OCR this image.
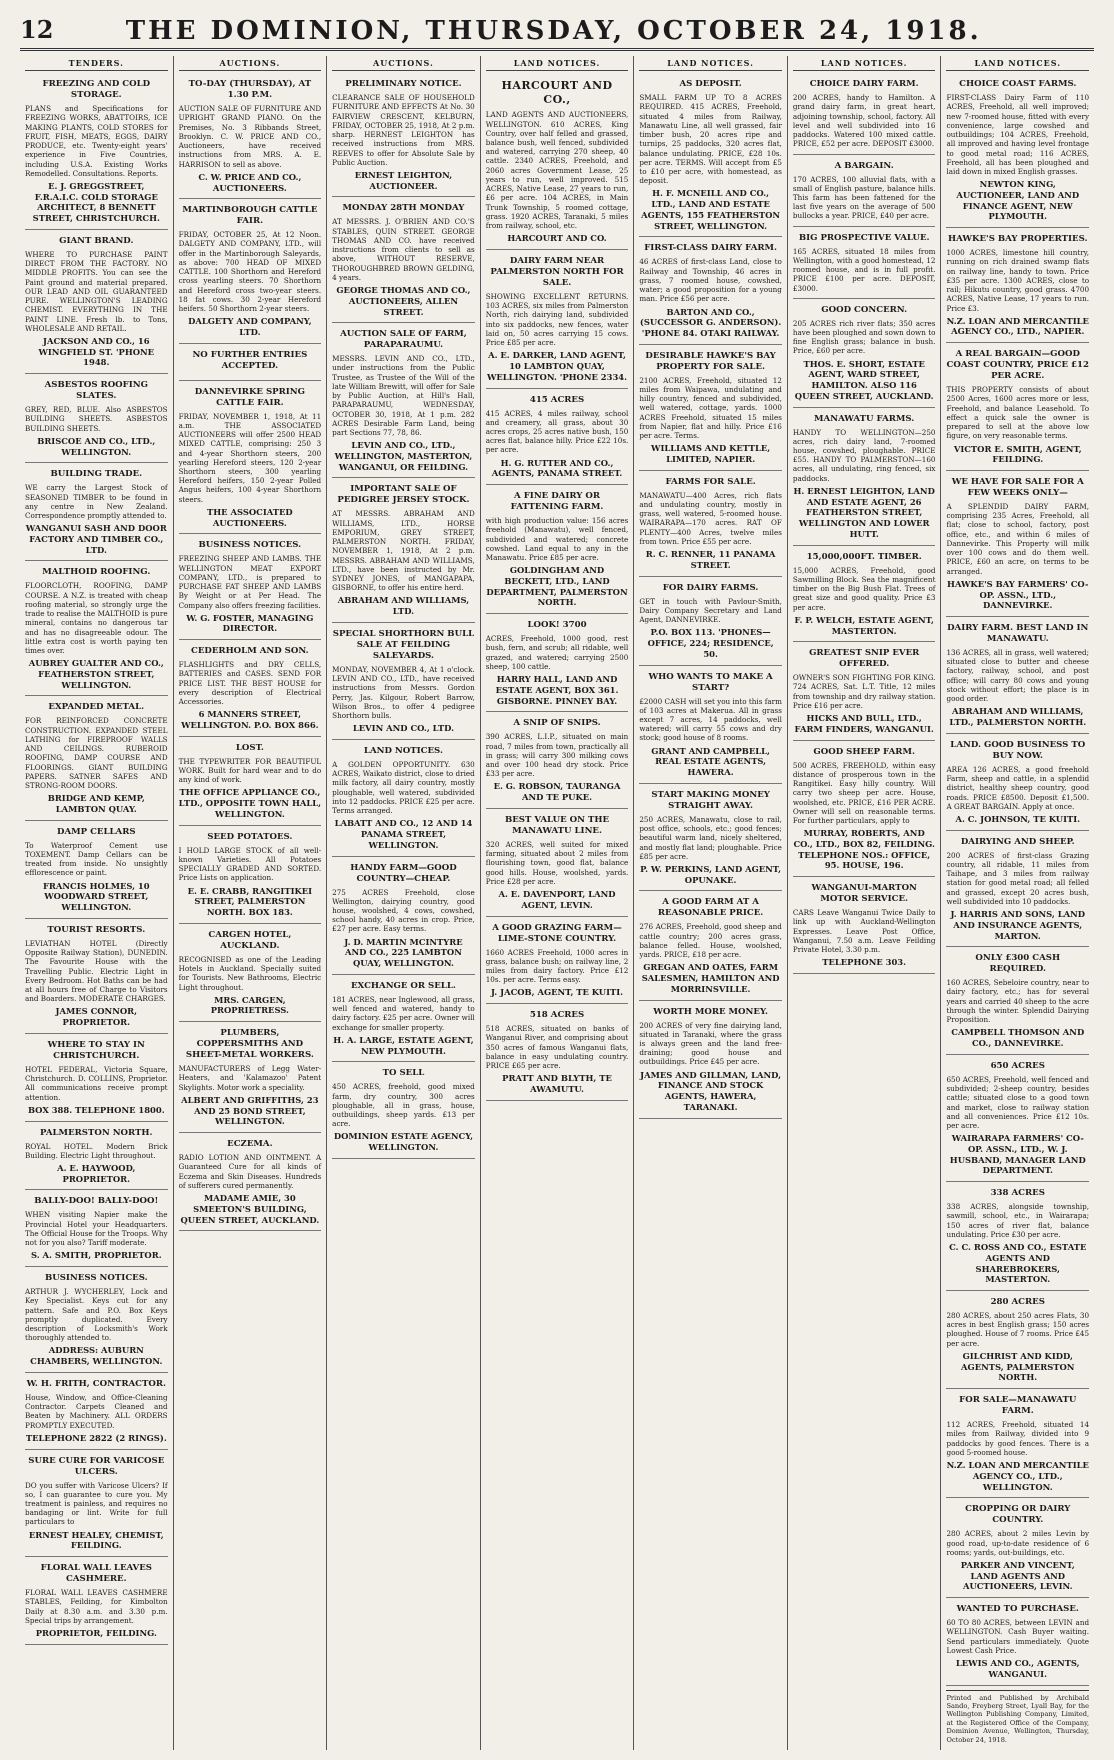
12	THE DOMINION, THURSDAY, OCTOBER 24, 1918.
TENDERS.
FREEZING AND COLD STORAGE.
PLANS and Specifications for FREEZING WORKS, ABATTOIRS, ICE MAKING PLANTS, COLD STORES for FRUIT, FISH, MEATS, EGGS, DAIRY PRODUCE, etc. Twenty-eight years' experience in Five Countries, including U.S.A. Existing Works Remodelled. Consultations. Reports.
E. J. GREGGSTREET, F.R.A.I.C. COLD STORAGE ARCHITECT, 8 BENNETT STREET, CHRISTCHURCH.
GIANT BRAND.
WHERE TO PURCHASE PAINT DIRECT FROM THE FACTORY. NO MIDDLE PROFITS. You can see the Paint ground and material prepared. OUR LEAD AND OIL GUARANTEED PURE. WELLINGTON'S LEADING CHEMIST. EVERYTHING IN THE PAINT LINE. Fresh lb. to Tons, WHOLESALE AND RETAIL.
JACKSON AND CO., 16 WINGFIELD ST. 'PHONE 1948.
ASBESTOS ROOFING SLATES.
GREY, RED, BLUE. Also ASBESTOS BUILDING SHEETS. ASBESTOS BUILDING SHEETS.
BRISCOE AND CO., LTD., WELLINGTON.
BUILDING TRADE.
WE carry the Largest Stock of SEASONED TIMBER to be found in any centre in New Zealand. Correspondence promptly attended to.
WANGANUI SASH AND DOOR FACTORY AND TIMBER CO., LTD.
MALTHOID ROOFING.
FLOORCLOTH, ROOFING, DAMP COURSE. A N.Z. is treated with cheap roofing material, so strongly urge the trade to realise the MALTHOID is pure mineral, contains no dangerous tar and has no disagreeable odour. The little extra cost is worth paying ten times over.
AUBREY GUALTER AND CO., FEATHERSTON STREET, WELLINGTON.
EXPANDED METAL.
FOR REINFORCED CONCRETE CONSTRUCTION. EXPANDED STEEL LATHING for FIREPROOF WALLS AND CEILINGS. RUBEROID ROOFING, DAMP COURSE AND FLOORINGS. GIANT BUILDING PAPERS. SATNER SAFES AND STRONG-ROOM DOORS.
BRIDGE AND KEMP, LAMBTON QUAY.
DAMP CELLARS
To Waterproof Cement use TOXEMENT. Damp Cellars can be treated from inside. No unsightly efflorescence or paint.
FRANCIS HOLMES, 10 WOODWARD STREET, WELLINGTON.
TOURIST RESORTS.
LEVIATHAN HOTEL (Directly Opposite Railway Station), DUNEDIN. The Favourite House with the Travelling Public. Electric Light in Every Bedroom. Hot Baths can be had at all hours free of Charge to Visitors and Boarders. MODERATE CHARGES.
JAMES CONNOR, PROPRIETOR.
WHERE TO STAY IN CHRISTCHURCH.
HOTEL FEDERAL, Victoria Square, Christchurch. D. COLLINS, Proprietor. All communications receive prompt attention.
BOX 388. TELEPHONE 1800.
PALMERSTON NORTH.
ROYAL HOTEL. Modern Brick Building. Electric Light throughout.
A. E. HAYWOOD, PROPRIETOR.
BALLY-DOO! BALLY-DOO!
WHEN visiting Napier make the Provincial Hotel your Headquarters. The Official House for the Troops. Why not for you also? Tariff moderate.
S. A. SMITH, PROPRIETOR.
BUSINESS NOTICES.
ARTHUR J. WYCHERLEY, Lock and Key Specialist. Keys cut for any pattern. Safe and P.O. Box Keys promptly duplicated. Every description of Locksmith's Work thoroughly attended to.
ADDRESS: AUBURN CHAMBERS, WELLINGTON.
W. H. FRITH, CONTRACTOR.
House, Window, and Office-Cleaning Contractor. Carpets Cleaned and Beaten by Machinery. ALL ORDERS PROMPTLY EXECUTED.
TELEPHONE 2822 (2 RINGS).
SURE CURE FOR VARICOSE ULCERS.
DO you suffer with Varicose Ulcers? If so, I can guarantee to cure you. My treatment is painless, and requires no bandaging or lint. Write for full particulars to
ERNEST HEALEY, CHEMIST, FEILDING.
FLORAL WALL LEAVES CASHMERE.
FLORAL WALL LEAVES CASHMERE STABLES, Feilding, for Kimbolton Daily at 8.30 a.m. and 3.30 p.m. Special trips by arrangement.
PROPRIETOR, FEILDING.
AUCTIONS.
TO-DAY (THURSDAY), AT 1.30 P.M.
AUCTION SALE OF FURNITURE AND UPRIGHT GRAND PIANO. On the Premises, No. 3 Ribbands Street, Brooklyn. C. W. PRICE AND CO., Auctioneers, have received instructions from MRS. A. E. HARRISON to sell as above.
C. W. PRICE AND CO., AUCTIONEERS.
MARTINBOROUGH CATTLE FAIR.
FRIDAY, OCTOBER 25, At 12 Noon. DALGETY AND COMPANY, LTD., will offer in the Martinborough Saleyards, as above: 700 HEAD OF MIXED CATTLE. 100 Shorthorn and Hereford cross yearling steers. 70 Shorthorn and Hereford cross two-year steers. 18 fat cows. 30 2-year Hereford heifers. 50 Shorthorn 2-year steers.
DALGETY AND COMPANY, LTD.
NO FURTHER ENTRIES ACCEPTED.
DANNEVIRKE SPRING CATTLE FAIR.
FRIDAY, NOVEMBER 1, 1918, At 11 a.m. THE ASSOCIATED AUCTIONEERS will offer 2500 HEAD MIXED CATTLE, comprising: 250 3 and 4-year Shorthorn steers, 200 yearling Hereford steers, 120 2-year Shorthorn steers, 300 yearling Hereford heifers, 150 2-year Polled Angus heifers, 100 4-year Shorthorn steers.
THE ASSOCIATED AUCTIONEERS.
BUSINESS NOTICES.
FREEZING SHEEP AND LAMBS. THE WELLINGTON MEAT EXPORT COMPANY, LTD., is prepared to PURCHASE FAT SHEEP AND LAMBS By Weight or at Per Head. The Company also offers freezing facilities.
W. G. FOSTER, MANAGING DIRECTOR.
CEDERHOLM AND SON.
FLASHLIGHTS and DRY CELLS, BATTERIES and CASES. SEND FOR PRICE LIST. THE BEST HOUSE for every description of Electrical Accessories.
6 MANNERS STREET, WELLINGTON. P.O. BOX 866.
LOST.
THE TYPEWRITER FOR BEAUTIFUL WORK. Built for hard wear and to do any kind of work.
THE OFFICE APPLIANCE CO., LTD., OPPOSITE TOWN HALL, WELLINGTON.
SEED POTATOES.
I HOLD LARGE STOCK of all well-known Varieties. All Potatoes SPECIALLY GRADED AND SORTED. Price Lists on application.
E. E. CRABB, RANGITIKEI STREET, PALMERSTON NORTH. BOX 183.
CARGEN HOTEL, AUCKLAND.
RECOGNISED as one of the Leading Hotels in Auckland. Specially suited for Tourists. New Bathrooms, Electric Light throughout.
MRS. CARGEN, PROPRIETRESS.
PLUMBERS, COPPERSMITHS AND SHEET-METAL WORKERS.
MANUFACTURERS of Legg Water-Heaters, and 'Kalamazoo' Patent Skylights. Motor work a speciality.
ALBERT AND GRIFFITHS, 23 AND 25 BOND STREET, WELLINGTON.
ECZEMA.
RADIO LOTION AND OINTMENT. A Guaranteed Cure for all kinds of Eczema and Skin Diseases. Hundreds of sufferers cured permanently.
MADAME AMIE, 30 SMEETON'S BUILDING, QUEEN STREET, AUCKLAND.
AUCTIONS.
PRELIMINARY NOTICE.
CLEARANCE SALE OF HOUSEHOLD FURNITURE AND EFFECTS At No. 30 FAIRVIEW CRESCENT, KELBURN, FRIDAY, OCTOBER 25, 1918, At 2 p.m. sharp. HERNEST LEIGHTON has received instructions from MRS. REEVES to offer for Absolute Sale by Public Auction.
ERNEST LEIGHTON, AUCTIONEER.
MONDAY 28TH MONDAY
AT MESSRS. J. O'BRIEN AND CO.'S STABLES, QUIN STREET. GEORGE THOMAS AND CO. have received instructions from clients to sell as above, WITHOUT RESERVE, THOROUGHBRED BROWN GELDING, 4 years.
GEORGE THOMAS AND CO., AUCTIONEERS, ALLEN STREET.
AUCTION SALE OF FARM, PARAPARAUMU.
MESSRS. LEVIN AND CO., LTD., under instructions from the Public Trustee, as Trustee of the Will of the late William Brewitt, will offer for Sale by Public Auction, at Hill's Hall, PARAPARAUMU, WEDNESDAY, OCTOBER 30, 1918, At 1 p.m. 282 ACRES Desirable Farm Land, being part Sections 77, 78, 86.
LEVIN AND CO., LTD., WELLINGTON, MASTERTON, WANGANUI, OR FEILDING.
IMPORTANT SALE OF PEDIGREE JERSEY STOCK.
AT MESSRS. ABRAHAM AND WILLIAMS, LTD., HORSE EMPORIUM, GREY STREET, PALMERSTON NORTH. FRIDAY, NOVEMBER 1, 1918, At 2 p.m. MESSRS. ABRAHAM AND WILLIAMS, LTD., have been instructed by Mr. SYDNEY JONES, of MANGAPAPA, GISBORNE, to offer his entire herd.
ABRAHAM AND WILLIAMS, LTD.
SPECIAL SHORTHORN BULL SALE AT FEILDING SALEYARDS.
MONDAY, NOVEMBER 4, At 1 o'clock. LEVIN AND CO., LTD., have received instructions from Messrs. Gordon Perry, Jas. Kilgour, Robert Barrow, Wilson Bros., to offer 4 pedigree Shorthorn bulls.
LEVIN AND CO., LTD.
LAND NOTICES.
A GOLDEN OPPORTUNITY. 630 ACRES, Waikato district, close to dried milk factory, all dairy country, mostly ploughable, well watered, subdivided into 12 paddocks. PRICE £25 per acre. Terms arranged.
LABATT AND CO., 12 AND 14 PANAMA STREET, WELLINGTON.
HANDY FARM—GOOD COUNTRY—CHEAP.
275 ACRES Freehold, close Wellington, dairying country, good house, woolshed, 4 cows, cowshed, school handy, 40 acres in crop. Price, £27 per acre. Easy terms.
J. D. MARTIN MCINTYRE AND CO., 225 LAMBTON QUAY, WELLINGTON.
EXCHANGE OR SELL.
181 ACRES, near Inglewood, all grass, well fenced and watered, handy to dairy factory. £25 per acre. Owner will exchange for smaller property.
H. A. LARGE, ESTATE AGENT, NEW PLYMOUTH.
TO SELL
450 ACRES, freehold, good mixed farm, dry country, 300 acres ploughable, all in grass, house, outbuildings, sheep yards. £13 per acre.
DOMINION ESTATE AGENCY, WELLINGTON.
LAND NOTICES.
HARCOURT AND CO.,
LAND AGENTS AND AUCTIONEERS, WELLINGTON. 610 ACRES, King Country, over half felled and grassed, balance bush, well fenced, subdivided and watered, carrying 270 sheep, 40 cattle. 2340 ACRES, Freehold, and 2060 acres Government Lease, 25 years to run, well improved. 515 ACRES, Native Lease, 27 years to run, £6 per acre. 104 ACRES, in Main Trunk Township, 5 roomed cottage, grass. 1920 ACRES, Taranaki, 5 miles from railway, school, etc.
HARCOURT AND CO.
DAIRY FARM NEAR PALMERSTON NORTH FOR SALE.
SHOWING EXCELLENT RETURNS. 103 ACRES, six miles from Palmerston North, rich dairying land, subdivided into six paddocks, new fences, water laid on, 50 acres carrying 15 cows. Price £85 per acre.
A. E. DARKER, LAND AGENT, 10 LAMBTON QUAY, WELLINGTON. 'PHONE 2334.
415 ACRES
415 ACRES, 4 miles railway, school and creamery, all grass, about 30 acres crops, 25 acres native bush, 150 acres flat, balance hilly. Price £22 10s. per acre.
H. G. RUTTER AND CO., AGENTS, PANAMA STREET.
A FINE DAIRY OR FATTENING FARM.
with high production value: 156 acres freehold (Manawatu), well fenced, subdivided and watered; concrete cowshed. Land equal to any in the Manawatu. Price £85 per acre.
GOLDINGHAM AND BECKETT, LTD., LAND DEPARTMENT, PALMERSTON NORTH.
LOOK! 3700
ACRES, Freehold, 1000 good, rest bush, fern, and scrub; all ridable, well grazed, and watered; carrying 2500 sheep, 100 cattle.
HARRY HALL, LAND AND ESTATE AGENT, BOX 361. GISBORNE. PINNEY BAY.
A SNIP OF SNIPS.
390 ACRES, L.I.P., situated on main road, 7 miles from town, practically all in grass; will carry 300 milking cows and over 100 head dry stock. Price £33 per acre.
E. G. ROBSON, TAURANGA AND TE PUKE.
BEST VALUE ON THE MANAWATU LINE.
320 ACRES, well suited for mixed farming, situated about 2 miles from flourishing town, good flat, balance good hills. House, woolshed, yards. Price £28 per acre.
A. E. DAVENPORT, LAND AGENT, LEVIN.
A GOOD GRAZING FARM—LIME-STONE COUNTRY.
1660 ACRES Freehold, 1000 acres in grass, balance bush; on railway line, 2 miles from dairy factory. Price £12 10s. per acre. Terms easy.
J. JACOB, AGENT, TE KUITI.
518 ACRES
518 ACRES, situated on banks of Wanganui River, and comprising about 350 acres of famous Wanganui flats, balance in easy undulating country. PRICE £65 per acre.
PRATT AND BLYTH, TE AWAMUTU.
LAND NOTICES.
AS DEPOSIT.
SMALL FARM UP TO 8 ACRES REQUIRED. 415 ACRES, Freehold, situated 4 miles from Railway, Manawatu Line, all well grassed, fair timber bush, 20 acres ripe and turnips, 25 paddocks, 320 acres flat, balance undulating. PRICE, £28 10s. per acre. TERMS. Will accept from £5 to £10 per acre, with homestead, as deposit.
H. F. MCNEILL AND CO., LTD., LAND AND ESTATE AGENTS, 155 FEATHERSTON STREET, WELLINGTON.
FIRST-CLASS DAIRY FARM.
46 ACRES of first-class Land, close to Railway and Township, 46 acres in grass, 7 roomed house, cowshed, water; a good proposition for a young man. Price £56 per acre.
BARTON AND CO., (SUCCESSOR G. ANDERSON). 'PHONE 84. OTAKI RAILWAY.
DESIRABLE HAWKE'S BAY PROPERTY FOR SALE.
2100 ACRES, Freehold, situated 12 miles from Waipawa, undulating and hilly country, fenced and subdivided, well watered, cottage, yards. 1000 ACRES Freehold, situated 15 miles from Napier, flat and hilly. Price £16 per acre. Terms.
WILLIAMS AND KETTLE, LIMITED, NAPIER.
FARMS FOR SALE.
MANAWATU—400 Acres, rich flats and undulating country, mostly in grass, well watered, 5-roomed house. WAIRARAPA—170 acres. RAT OF PLENTY—400 Acres, twelve miles from town. Price £55 per acre.
R. C. RENNER, 11 PANAMA STREET.
FOR DAIRY FARMS.
GET in touch with Pavlour-Smith, Dairy Company Secretary and Land Agent, DANNEVIRKE.
P.O. BOX 113. 'PHONES—OFFICE, 224; RESIDENCE, 50.
WHO WANTS TO MAKE A START?
£2000 CASH will set you into this farm of 103 acres at Makerua. All in grass except 7 acres, 14 paddocks, well watered; will carry 55 cows and dry stock; good house of 8 rooms.
GRANT AND CAMPBELL, REAL ESTATE AGENTS, HAWERA.
START MAKING MONEY STRAIGHT AWAY.
250 ACRES, Manawatu, close to rail, post office, schools, etc.; good fences; beautiful warm land, nicely sheltered, and mostly flat land; ploughable. Price £85 per acre.
P. W. PERKINS, LAND AGENT, OPUNAKE.
A GOOD FARM AT A REASONABLE PRICE.
276 ACRES, Freehold, good sheep and cattle country; 200 acres grass, balance felled. House, woolshed, yards. PRICE, £18 per acre.
GREGAN AND OATES, FARM SALESMEN, HAMILTON AND MORRINSVILLE.
WORTH MORE MONEY.
200 ACRES of very fine dairying land, situated in Taranaki, where the grass is always green and the land free-draining; good house and outbuildings. Price £45 per acre.
JAMES AND GILLMAN, LAND, FINANCE AND STOCK AGENTS, HAWERA, TARANAKI.
LAND NOTICES.
CHOICE DAIRY FARM.
200 ACRES, handy to Hamilton. A grand dairy farm, in great heart, adjoining township, school, factory. All level and well subdivided into 16 paddocks. Watered 100 mixed cattle. PRICE, £52 per acre. DEPOSIT £3000.
A BARGAIN.
170 ACRES, 100 alluvial flats, with a small of English pasture, balance hills. This farm has been fattened for the last five years on the average of 500 bullocks a year. PRICE, £40 per acre.
BIG PROSPECTIVE VALUE.
165 ACRES, situated 18 miles from Wellington, with a good homestead, 12 roomed house, and is in full profit. PRICE £100 per acre. DEPOSIT, £3000.
GOOD CONCERN.
205 ACRES rich river flats; 350 acres have been ploughed and sown down to fine English grass; balance in bush. Price, £60 per acre.
THOS. E. SHORT, ESTATE AGENT, WARD STREET, HAMILTON. ALSO 116 QUEEN STREET, AUCKLAND.
MANAWATU FARMS.
HANDY TO WELLINGTON—250 acres, rich dairy land, 7-roomed house, cowshed, ploughable. PRICE £55. HANDY TO PALMERSTON—160 acres, all undulating, ring fenced, six paddocks.
H. ERNEST LEIGHTON, LAND AND ESTATE AGENT, 26 FEATHERSTON STREET, WELLINGTON AND LOWER HUTT.
15,000,000FT. TIMBER.
15,000 ACRES, Freehold, good Sawmilling Block. Sea the magnificent timber on the Big Bush Flat. Trees of great size and good quality. Price £3 per acre.
F. P. WELCH, ESTATE AGENT, MASTERTON.
GREATEST SNIP EVER OFFERED.
OWNER'S SON FIGHTING FOR KING. 724 ACRES, Sat. L.T. Title, 12 miles from township and dry railway station. Price £16 per acre.
HICKS AND BULL, LTD., FARM FINDERS, WANGANUI.
GOOD SHEEP FARM.
500 ACRES, FREEHOLD, within easy distance of prosperous town in the Rangitikei. Easy hilly country. Will carry two sheep per acre. House, woolshed, etc. PRICE, £16 PER ACRE. Owner will sell on reasonable terms. For further particulars, apply to
MURRAY, ROBERTS, AND CO., LTD., BOX 82, FEILDING. TELEPHONE NOS.: OFFICE, 95. HOUSE, 196.
WANGANUI-MARTON MOTOR SERVICE.
CARS Leave Wanganui Twice Daily to link up with Auckland-Wellington Expresses. Leave Post Office, Wanganui, 7.50 a.m. Leave Feilding Private Hotel, 3.30 p.m.
TELEPHONE 303.
LAND NOTICES.
CHOICE COAST FARMS.
FIRST-CLASS Dairy Farm of 110 ACRES, Freehold, all well improved; new 7-roomed house, fitted with every convenience, large cowshed and outbuildings; 104 ACRES, Freehold, all improved and having level frontage to good metal road; 116 ACRES, Freehold, all has been ploughed and laid down in mixed English grasses.
NEWTON KING, AUCTIONEER, LAND AND FINANCE AGENT, NEW PLYMOUTH.
HAWKE'S BAY PROPERTIES.
1000 ACRES, limestone hill country, running on rich drained swamp flats on railway line, handy to town. Price £35 per acre. 1300 ACRES, close to rail; Hikutu country, good grass. 4700 ACRES, Native Lease, 17 years to run. Price £3.
N.Z. LOAN AND MERCANTILE AGENCY CO., LTD., NAPIER.
A REAL BARGAIN—GOOD COAST COUNTRY, PRICE £12 PER ACRE.
THIS PROPERTY consists of about 2500 Acres, 1600 acres more or less, Freehold, and balance Leasehold. To effect a quick sale the owner is prepared to sell at the above low figure, on very reasonable terms.
VICTOR E. SMITH, AGENT, FEILDING.
WE HAVE FOR SALE FOR A FEW WEEKS ONLY—
A SPLENDID DAIRY FARM, comprising 235 Acres, Freehold, all flat; close to school, factory, post office, etc., and within 6 miles of Dannevirke. This Property will milk over 100 cows and do them well. PRICE, £60 an acre, on terms to be arranged.
HAWKE'S BAY FARMERS' CO-OP. ASSN., LTD., DANNEVIRKE.
DAIRY FARM. BEST LAND IN MANAWATU.
136 ACRES, all in grass, well watered; situated close to butter and cheese factory, railway, school, and post office; will carry 80 cows and young stock without effort; the place is in good order.
ABRAHAM AND WILLIAMS, LTD., PALMERSTON NORTH.
LAND. GOOD BUSINESS TO BUY NOW.
AREA 126 ACRES, a good freehold Farm, sheep and cattle, in a splendid district, healthy sheep country, good roads. PRICE £8500. Deposit £1,500. A GREAT BARGAIN. Apply at once.
A. C. JOHNSON, TE KUITI.
DAIRYING AND SHEEP.
200 ACRES of first-class Grazing country, all ridable, 11 miles from Taihape, and 3 miles from railway station for good metal road; all felled and grassed, except 20 acres bush, well subdivided into 10 paddocks.
J. HARRIS AND SONS, LAND AND INSURANCE AGENTS, MARTON.
ONLY £300 CASH REQUIRED.
160 ACRES, Sebeloire country, near to dairy factory, etc.; has for several years and carried 40 sheep to the acre through the winter. Splendid Dairying Proposition.
CAMPBELL THOMSON AND CO., DANNEVIRKE.
650 ACRES
650 ACRES, Freehold, well fenced and subdivided; 2-sheep country, besides cattle; situated close to a good town and market, close to railway station and all conveniences. Price £12 10s. per acre.
WAIRARAPA FARMERS' CO-OP. ASSN., LTD., W. J. HUSBAND, MANAGER LAND DEPARTMENT.
338 ACRES
338 ACRES, alongside township, sawmill, school, etc., in Wairarapa; 150 acres of river flat, balance undulating. Price £30 per acre.
C. C. ROSS AND CO., ESTATE AGENTS AND SHAREBROKERS, MASTERTON.
280 ACRES
280 ACRES, about 250 acres Flats, 30 acres in best English grass; 150 acres ploughed. House of 7 rooms. Price £45 per acre.
GILCHRIST AND KIDD, AGENTS, PALMERSTON NORTH.
FOR SALE—MANAWATU FARM.
112 ACRES, Freehold, situated 14 miles from Railway, divided into 9 paddocks by good fences. There is a good 5-roomed house.
N.Z. LOAN AND MERCANTILE AGENCY CO., LTD., WELLINGTON.
CROPPING OR DAIRY COUNTRY.
280 ACRES, about 2 miles Levin by good road, up-to-date residence of 6 rooms; yards, out-buildings, etc.
PARKER AND VINCENT, LAND AGENTS AND AUCTIONEERS, LEVIN.
WANTED TO PURCHASE.
60 TO 80 ACRES, between LEVIN and WELLINGTON. Cash Buyer waiting. Send particulars immediately. Quote Lowest Cash Price.
LEWIS AND CO., AGENTS, WANGANUI.
Printed and Published by Archibald Sando, Freyberg Street, Lyall Bay, for the Wellington Publishing Company, Limited, at the Registered Office of the Company, Dominion Avenue, Wellington, Thursday, October 24, 1918.
